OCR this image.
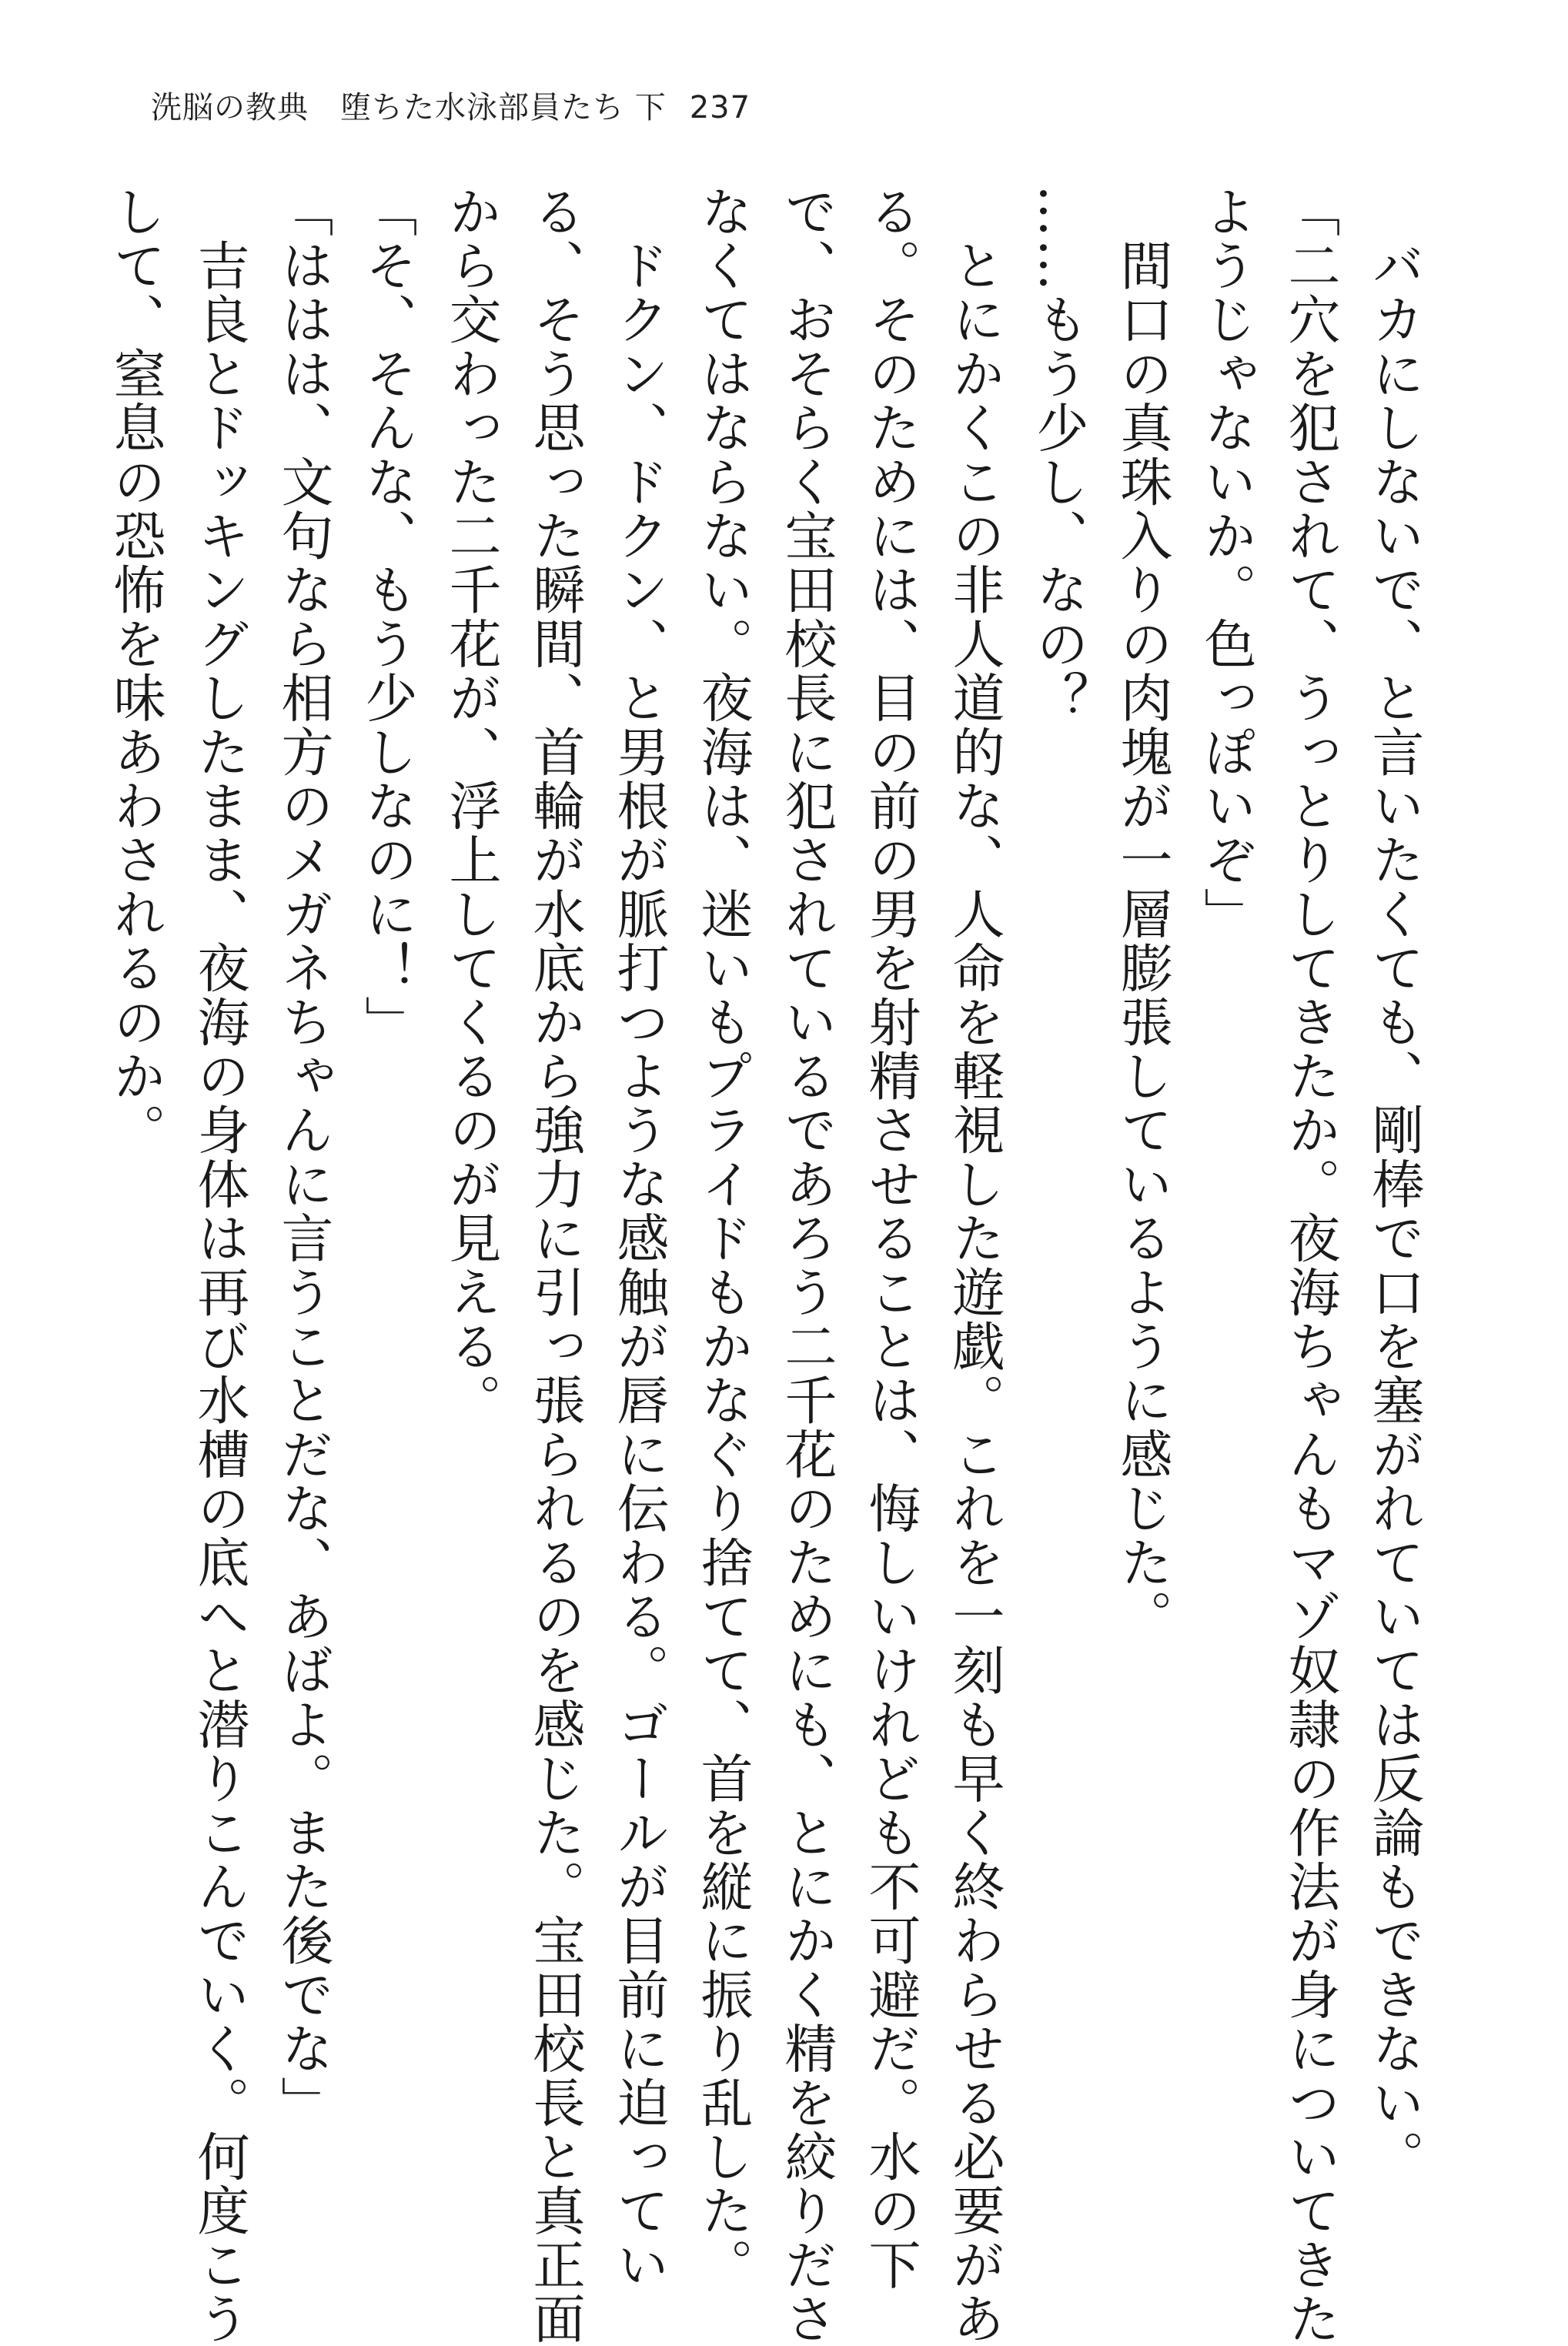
洗脳の教典　堕ちた水泳部員たち 下 237
　バカにしないで、と言いたくても、剛棒で口を塞がれていては反論もできない。
「二穴を犯されて、うっとりしてきたか。夜海ちゃんもマゾ奴隷の作法が身についてきた
ようじゃないか。色っぽいぞ」
　間口の真珠入りの肉塊が一層膨張しているように感じた。
……もう少し、なの？
　とにかくこの非人道的な、人命を軽視した遊戯。これを一刻も早く終わらせる必要があ
る。そのためには、目の前の男を射精させることは、悔しいけれども不可避だ。水の下
で、おそらく宝田校長に犯されているであろう二千花のためにも、とにかく精を絞りださ
なくてはならない。夜海は、迷いもプライドもかなぐり捨てて、首を縦に振り乱した。
　ドクン、ドクン、と男根が脈打つような感触が唇に伝わる。ゴールが目前に迫ってい
る、そう思った瞬間、首輪が水底から強力に引っ張られるのを感じた。宝田校長と真正面
から交わった二千花が、浮上してくるのが見える。
「そ、そんな、もう少しなのに！」
「ははは、文句なら相方のメガネちゃんに言うことだな、あばよ。また後でな」
　吉良とドッキングしたまま、夜海の身体は再び水槽の底へと潜りこんでいく。何度こう
して、窒息の恐怖を味あわされるのか。
